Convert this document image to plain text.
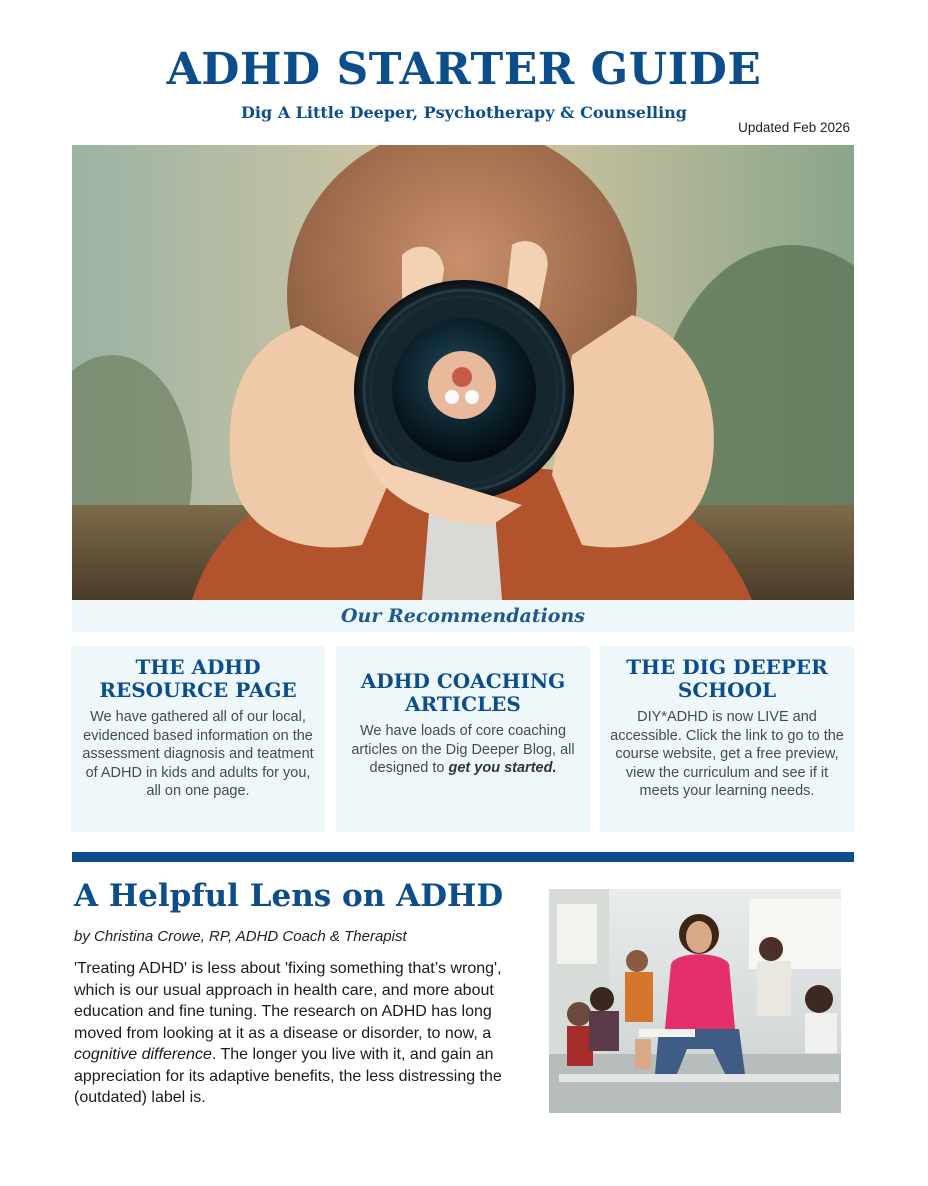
ADHD STARTER GUIDE
Dig A Little Deeper, Psychotherapy & Counselling
Updated Feb 2026
Our Recommendations
THE ADHD RESOURCE PAGE

We have gathered all of our local, evidenced based information on the assessment diagnosis and teatment of ADHD in kids and adults for you, all on one page.

ADHD COACHING ARTICLES

We have loads of core coaching articles on the Dig Deeper Blog, all designed to get you started.

THE DIG DEEPER SCHOOL

DIY*ADHD is now LIVE and accessible. Click the link to go to the course website, get a free preview, view the curriculum and see if it meets your learning needs.

A Helpful Lens on ADHD
by Christina Crowe, RP, ADHD Coach & Therapist

'Treating ADHD' is less about 'fixing something that’s wrong', which is our usual approach in health care, and more about education and fine tuning. The research on ADHD has long moved from looking at it as a disease or disorder, to now, a cognitive difference. The longer you live with it, and gain an appreciation for its adaptive benefits, the less distressing the (outdated) label is.
